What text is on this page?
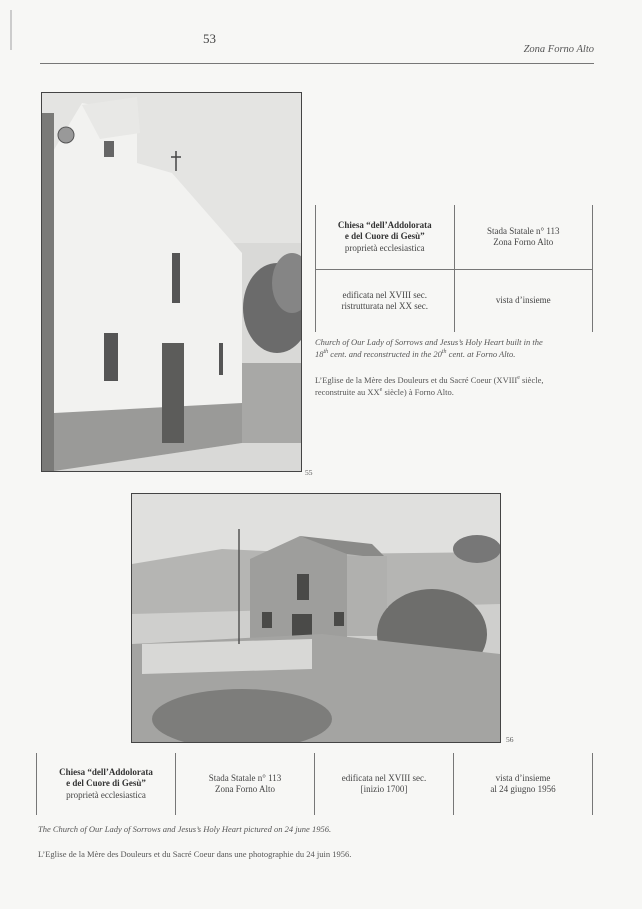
53
Zona Forno Alto
55
Chiesa “dell’Addolorata
e del Cuore di Gesù”
proprietà ecclesiastica	Stada Statale n° 113
Zona Forno Alto

edificata nel XVIII sec.
ristrutturata nel XX sec.	vista d’insieme
Church of Our Lady of Sorrows and Jesus’s Holy Heart built in the
18th cent. and reconstructed in the 20th cent. at Forno Alto.
L’Eglise de la Mère des Douleurs et du Sacré Coeur (XVIIIe siècle,
reconstruite au XXe siècle) à Forno Alto.
56
Chiesa “dell’Addolorata
e del Cuore di Gesù”
proprietà ecclesiastica

Stada Statale n° 113
Zona Forno Alto

edificata nel XVIII sec.
[inizio 1700]

vista d’insieme
al 24 giugno 1956
The Church of Our Lady of Sorrows and Jesus’s Holy Heart pictured on 24 june 1956.
L’Eglise de la Mère des Douleurs et du Sacré Coeur dans une photographie du 24 juin 1956.
